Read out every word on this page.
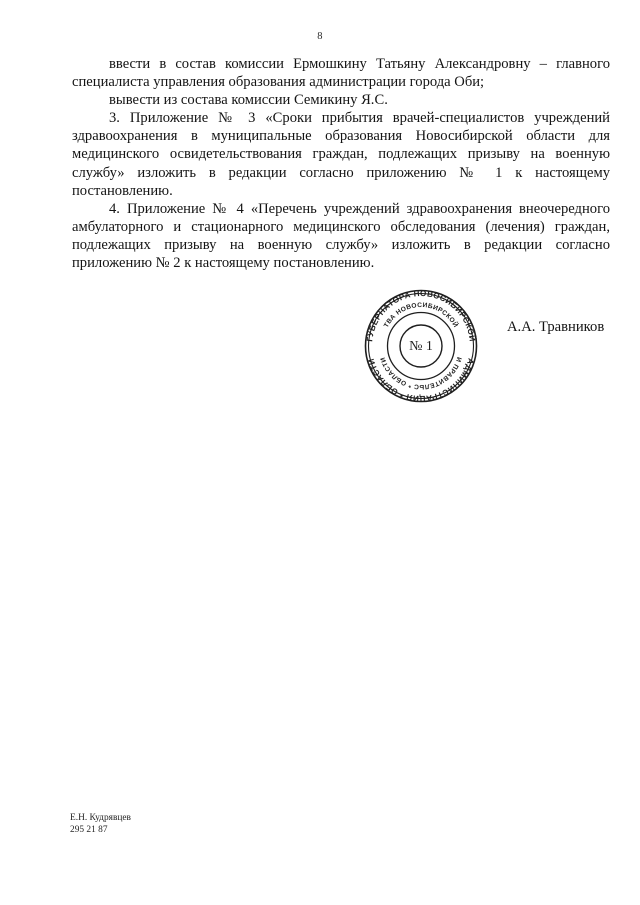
8

ввести в состав комиссии Ермошкину Татьяну Александровну – главного специалиста управления образования администрации города Оби;

вывести из состава комиссии Семикину Я.С.

3. Приложение № 3 «Сроки прибытия врачей-специалистов учреждений здравоохранения в муниципальные образования Новосибирской области для медицинского освидетельствования граждан, подлежащих призыву на военную службу» изложить в редакции согласно приложению № 1 к настоящему постановлению.

4. Приложение № 4 «Перечень учреждений здравоохранения внеочередного амбулаторного и стационарного медицинского обследования (лечения) граждан, подлежащих призыву на военную службу» изложить в редакции согласно приложению № 2 к настоящему постановлению.

ГУБЕРНАТОРА НОВОСИБИРСКОЙ
АДМИНИСТРАЦИЯ * ОБЛАСТИ
ТВА НОВОСИБИРСКОЙ
И ПРАВИТЕЛЬС * ОБЛАСТИ
№ 1
А.А. Травников
Е.Н. Кудрявцев
295 21 87
